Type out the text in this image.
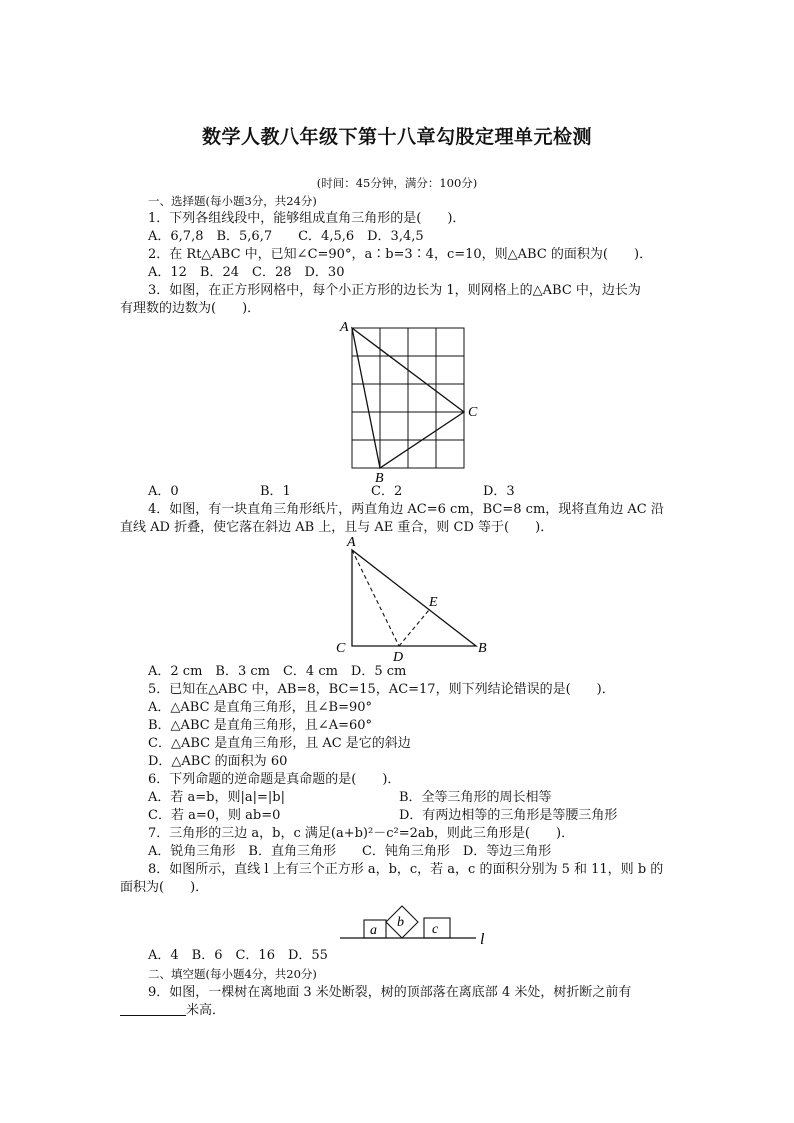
数学人教八年级下第十八章勾股定理单元检测
(时间：45分钟，满分：100分)
一、选择题(每小题3分，共24分)
1．下列各组线段中，能够组成直角三角形的是(　　)．
A．6,7,8　B．5,6,7　　C．4,5,6　D．3,4,5
2．在 Rt△ABC 中，已知∠C=90°，a∶b=3∶4，c=10，则△ABC 的面积为(　　)．
A．12　B．24　C．28　D．30
3．如图，在正方形网格中，每个小正方形的边长为 1，则网格上的△ABC 中，边长为
有理数的边数为(　　)．
A
B
C
A．0	B．1	C．2	D．3
4．如图，有一块直角三角形纸片，两直角边 AC=6 cm，BC=8 cm，现将直角边 AC 沿
直线 AD 折叠，使它落在斜边 AB 上，且与 AE 重合，则 CD 等于(　　)．
A
C	B
D
E
A．2 cm　B．3 cm　C．4 cm　D．5 cm
5．已知在△ABC 中，AB=8，BC=15，AC=17，则下列结论错误的是(　　)．
A．△ABC 是直角三角形，且∠B=90°
B．△ABC 是直角三角形，且∠A=60°
C．△ABC 是直角三角形，且 AC 是它的斜边
D．△ABC 的面积为 60
6．下列命题的逆命题是真命题的是(　　)．
A．若 a=b，则|a|=|b|	B．全等三角形的周长相等
C．若 a=0，则 ab=0	D．有两边相等的三角形是等腰三角形
7．三角形的三边 a，b，c 满足(a+b)²－c²=2ab，则此三角形是(　　)．
A．锐角三角形　B．直角三角形　　C．钝角三角形　D．等边三角形
8．如图所示，直线 l 上有三个正方形 a，b，c，若 a，c 的面积分别为 5 和 11，则 b 的
面积为(　　)．
a
b c
l
A．4　B．6　C．16　D．55
二、填空题(每小题4分，共20分)
9．如图，一棵树在离地面 3 米处断裂，树的顶部落在离底部 4 米处，树折断之前有
米高．
